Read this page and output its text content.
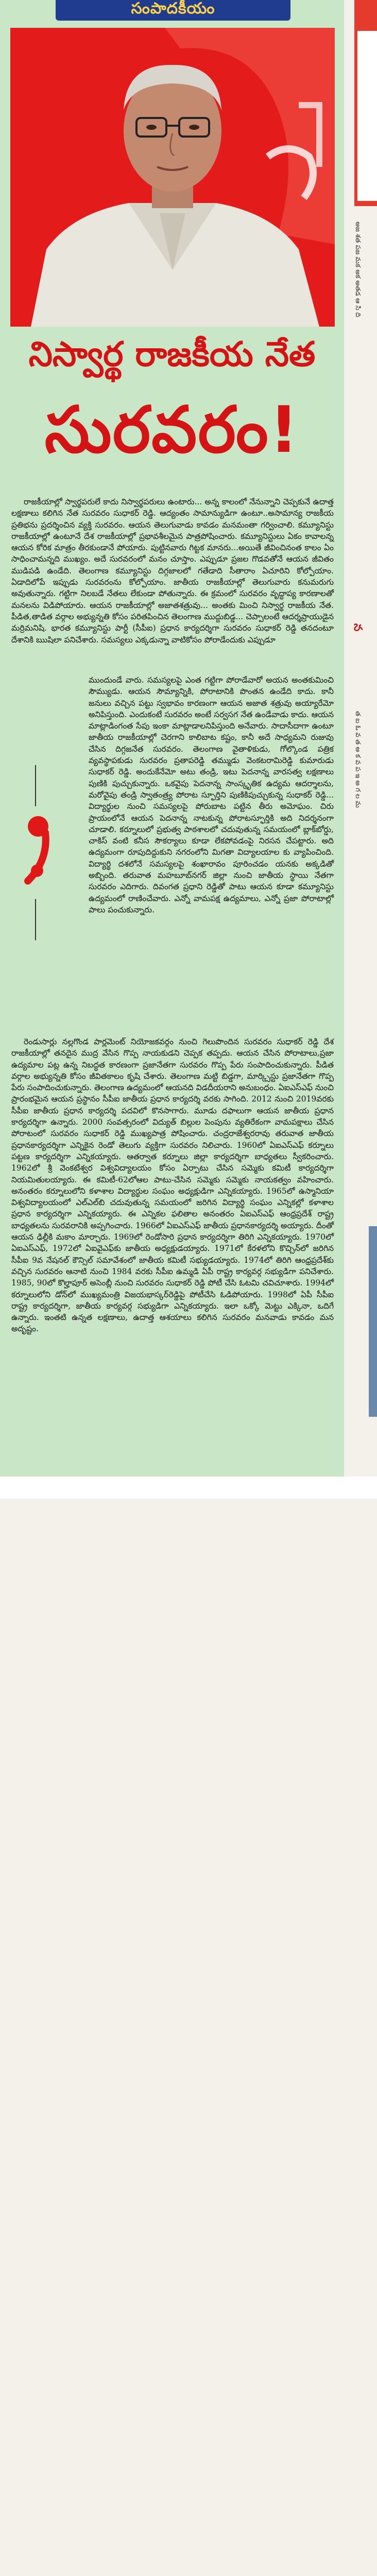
సంపాదకీయం
నిస్వార్థ రాజకీయ నేత
సురవరం!

రాజకీయాల్లో స్వార్థపరులే కాదు నిస్వార్థపరులు ఉంటారు... అన్న కాలంలో నేనున్నాని చెప్పకునే ఉదాత్త లక్షణాలు కలిగిన నేత సురవరం సుధాకర్ రెడ్డి. ఆద్యంతం సామాన్యుడిగా ఉంటూ..అసామాన్య రాజకీయ ప్రతిభను ప్రదర్శించిన వ్యక్తి సురవరం. ఆయన తెలుగువాడు కావడం మనమంతా గర్వించాలి. కమ్యూనిస్టు రాజకీయాల్లో ఉంటూనే దేశ రాజకీయాల్లో ప్రభావశీలమైన పాత్రపోషించారు. కమ్యూనిస్టులు ఏకం కావాలన్న ఆయన కోరిక మాత్రం తీరకుండానే పోయారు. పుట్టినవారు గిట్టక మానరు...అయితే జీవించినంత కాలం ఏం సాధించామన్నది ముఖ్యం. అదే సురవరంలో మనం చూస్తాం. ఎప్పుడూ ప్రజల గొడవతోనే ఆయన జీవితం ముడిపడి ఉండేది. తెలంగాణ కమ్యూనిస్టు దిగ్గజాలలో గతేడాది సీతారాం ఏచూరిని కోల్పోయాం. ఏడాదిలోపే ఇప్పుడు సురవరంను కోల్పోయాం. జాతీయ రాజకీయాల్లో తెలుగువారు కనుమరుగు అవుతున్నారు. గట్టిగా నిలబడే నేతలు లేకుండా పోతున్నారు. ఈ క్రమంలో సురవరం వృద్ధాప్య కారణాలతో మనలను విడిపోయారు. ఆయన రాజకీయాల్లో అజాతశత్రువు... అంతకు మించి నిస్వార్థ రాజకీయ నేత. పీడిత,తాడిత వర్గాల అభ్యున్నతి కోసం పరితపించిన తెలంగాణ ముద్దుబిడ్డ... చెప్పాలంటే ఆదర్శప్రాయుడైన మర్రిమనిషి. భారత కమ్యూనిస్టు పార్టీ (సీపీఐ) ప్రధాన కార్యదర్శిగా సురవరం సుధాకర్ రెడ్డి తనదంటూ దేశానికి ఋషిలా పనిచేశారు. సమస్యలు ఎక్కడున్నా వాటికోసం పోరాడేందుకు ఎప్పుడూ

ముందుండే వారు. సమస్యలపై ఎంత గట్టిగా పోరాడేవారో అయన అంతకుమించి సౌమ్యుడు. ఆయన సౌమ్యాన్నికి, పోరాటానికి పొంతన ఉండేది కాదు. కానీ జనులు వచ్చిన పట్టు స్వభావం కారణంగా ఆయన అజాత శత్రువు అయ్యారేమో అనిపిస్తుంది. ఎందుకంటే సురవరం అంటే సర్వసగ నేత ఉండేవాడు కాదు. ఆయన మాట్లాడింగంత సేపు ఇంకా మాట్లాడాలనిపిస్తుంది అనేవారు. సాదాసీదాగా ఉంటూ జాతీయ రాజకీయాల్లో చెరగాని కాలిబాట కష్టం, కానీ అదే సాధ్యమని రుజువు చేసిన దిగ్గజనేత సురవరం. తెలంగాణ వైతాళికుడు, గోల్కొండ పత్రిక వ్యవస్థాపకుడు సురవరం ప్రతాపరెడ్డి తమ్ముడు వెంకటరామిరెడ్డి కుమారుడు సుధాకర్ రెడ్డి. అందుకేనేమో అటు తండ్రి, ఇటు పెదనాన్న వారసత్వ లక్షణాలు పుణికి పుచ్చుకున్నారు. ఒకవైపు పెదనాన్న సాంస్కృతిక ఉద్యమ ఆదర్శాలను, మరోవైపు తండ్రి స్వాతంత్ర్య పోరాట స్ఫూర్తిని పుణికిపుచ్చుకున్న సుధాకర్ రెడ్డి... విద్యార్థుల నుంచి సమస్యలపై పోరుబాట పట్టిన తీరు అమోఘం. చిరు ప్రాయంలోనే ఆయన పెదనాన్న నాటకున్న పోరాటస్ఫూర్తికి అది నిదర్శనంగా చూడాలి. కర్నూలులో ప్రభుత్వ పాఠశాలలో చదువుతున్న సమయంలో బ్లాక్‌బోర్డు, చాకిస్ వంటి కనీస సౌకర్యాలు కూడా లేకపోవడంపై నిరసన చేపట్టారు. అది ఉద్యమంగా రూపుదిద్దుకుని నగరంలోని మిగతా విద్యాలయాల కు వ్యాపించింది. విద్యార్థి దశలోనే సమస్యలపై శంఖారావం పూరించడం యనకు అక్కడితో అబ్బింది. తరువాత మహబూబ్‌నగర్ జిల్లా నుంచి జాతీయ స్థాయి నేతగా సురవరం ఎదిగారు. దివంగత ప్రధాని రెడ్డితో పాటు ఆయన కూడా కమ్యూనిస్టు ఉద్యమంలో రాణించేవారు. ఎన్నో వామపక్ష ఉద్యమాలు, ఎన్నో ప్రజా పోరాటాల్లో పాలు పంచుకున్నారు.

రెండుసార్లు నల్లగొండ పార్లమెంట్ నియోజకవర్గం నుంచి గెలుపొందిన సురవరం సుధాకర్ రెడ్డి దేశ రాజకీయాల్లో తనదైన ముద్ర వేసిన గొప్ప నాయకుడని చెప్పక తప్పదు. ఆయన చేసిన పోరాటాలు,ప్రజా ఉద్యమాల పట్ల ఉన్న నిబద్ధత కారణంగా ప్రజానేతగా సురవరం గొప్ప పేరు సంపాదించుకున్నారు. పీడిత వర్గాల అభ్యున్నతి కోసం జీవితకాలం కృషి చేశారు. తెలంగాణ మట్టి బిడ్డగా, మార్క్సిస్టు ప్రజానేతగా గొప్ప పేరు సంపాదించుకున్నారు. తెలంగాణ ఉద్యమంలో ఆయనది విడదీయరాని అనుబంధం. ఏఐఎస్‌ఎఫ్ నుంచి ప్రారంభమైన ఆయన ప్రస్థానం సీపీఐ జాతీయ ప్రధాన కార్యదర్శి వరకు సాగింది. 2012 నుంచి 2019వరకు సీపీఐ జాతీయ ప్రధాన కార్యదర్శి పదవిలో కొనసాగారు. మూడు దఫాలుగా ఆయన జాతీయ ప్రధాన కార్యదర్శిగా ఉన్నారు. 2000 సంవత్సరంలో విద్యుత్ బిల్లుల పెంపును వ్యతిరేకంగా వామపక్షాలు చేసిన పోరాటంలో సురవరం సుధాకర్ రెడ్డి ముఖ్యపాత్ర పోషించారు. చంద్రరాజేశ్వరరావు తరువాత జాతీయ ప్రధానకార్యదర్శిగా ఎన్నికైన రెండో తెలుగు వ్యక్తిగా సురవరం నిలిచారు. 1960లో ఏఐఎస్‌ఎఫ్ కర్నూలు పట్టణ కార్యదర్శిగా ఎన్నికయ్యారు. ఆతర్వాత కర్నూలు జిల్లా కార్యదర్శిగా బాధ్యతలు స్వీకరించారు. 1962లో శ్రీ వెంకటేశ్వర విశ్వవిద్యాలయం కోసం ఏర్పాటు చేసిన సమ్మెకు కమిటీ కార్యదర్శిగా నియమితులయ్యారు. ఈ కమిటీ-62లోఆల పాటు-చేసిన సమ్మెకు సమ్మెకు నాయకత్వం వహించారు. అనంతరం కర్నూలులోని కళాశాల విద్యార్థుల సంఘం అధ్యక్షుడిగా ఎన్నికయ్యారు. 1965లో ఉస్మానియా విశ్వవిద్యాలయంలో ఎల్‌ఎల్‌బి చదువుతున్న సమయంలో జరిగిన విద్యార్థి సంఘం ఎన్నికల్లో కళాశాల ప్రధాన కార్యదర్శిగా ఎన్నికయ్యారు. ఈ ఎన్నికల ఫలితాల అనంతరం ఏఐఎస్‌ఎఫ్ ఆంధ్రప్రదేశ్ రాష్ట్ర బాధ్యతలను సురవరానికి అప్పగించారు. 1966లో ఏఐఎస్‌ఎఫ్ జాతీయ ప్రధానకార్యదర్శి అయ్యారు. దీంతో ఆయన ఢిల్లీకి మకాం మార్చారు. 1969లో రెండోసారి ప్రధాన కార్యదర్శిగా తిరిగి ఎన్నికయ్యారు. 1970లో ఏఐఎస్‌ఎఫ్, 1972లో ఏఐవైఎఫ్‌కు జాతీయ అధ్యక్షుడయ్యారు. 1971లో కేరళలోని కొచ్చిన్‌లో జరిగిన సీపీఐ 9వ నేషనల్ కౌన్సిల్ సమావేశంలో జాతీయ కమిటీ సభ్యుడయ్యారు. 1974లో తిరిగి ఆంధ్రప్రదేశ్‌కు వచ్చిన సురవరం ఆనాటి నుంచి 1984 వరకు సీపీఐ ఉమ్మడి ఏపీ రాష్ట్ర కార్యవర్గ సభ్యుడిగా పనిచేశారు. 1985, 90లో కొల్హాపూర్ అసెంబ్లీ నుంచి సురవరం సుధాకర్ రెడ్డి పోటీ చేసి ఓటమి చవిచూశారు. 1994లో కర్నూలులోని డోన్‌లో ముఖ్యమంత్రి విజయభాస్కర్‌రెడ్డిపై పోటీచేసి ఓడిపోయారు. 1998లో ఏపీ సీపీఐ రాష్ట్ర కార్యదర్శిగా, జాతీయ కార్యవర్గ సభ్యుడిగా ఎన్నికయ్యారు. ఇలా ఒక్కో మెట్టు ఎక్కినా, ఒదిగే ఉన్నారు. ఇంతటి ఉన్నత లక్షణాలు, ఉదాత్త ఆశయాలు కలిగిన సురవరం మనవాడు కావడం మన అదృష్టం.

అజ శత పజ మక అక అతడ ఆ సి ది
న
త బ ఓ వ త అ క వ ప ఇ అ గ ల మ
